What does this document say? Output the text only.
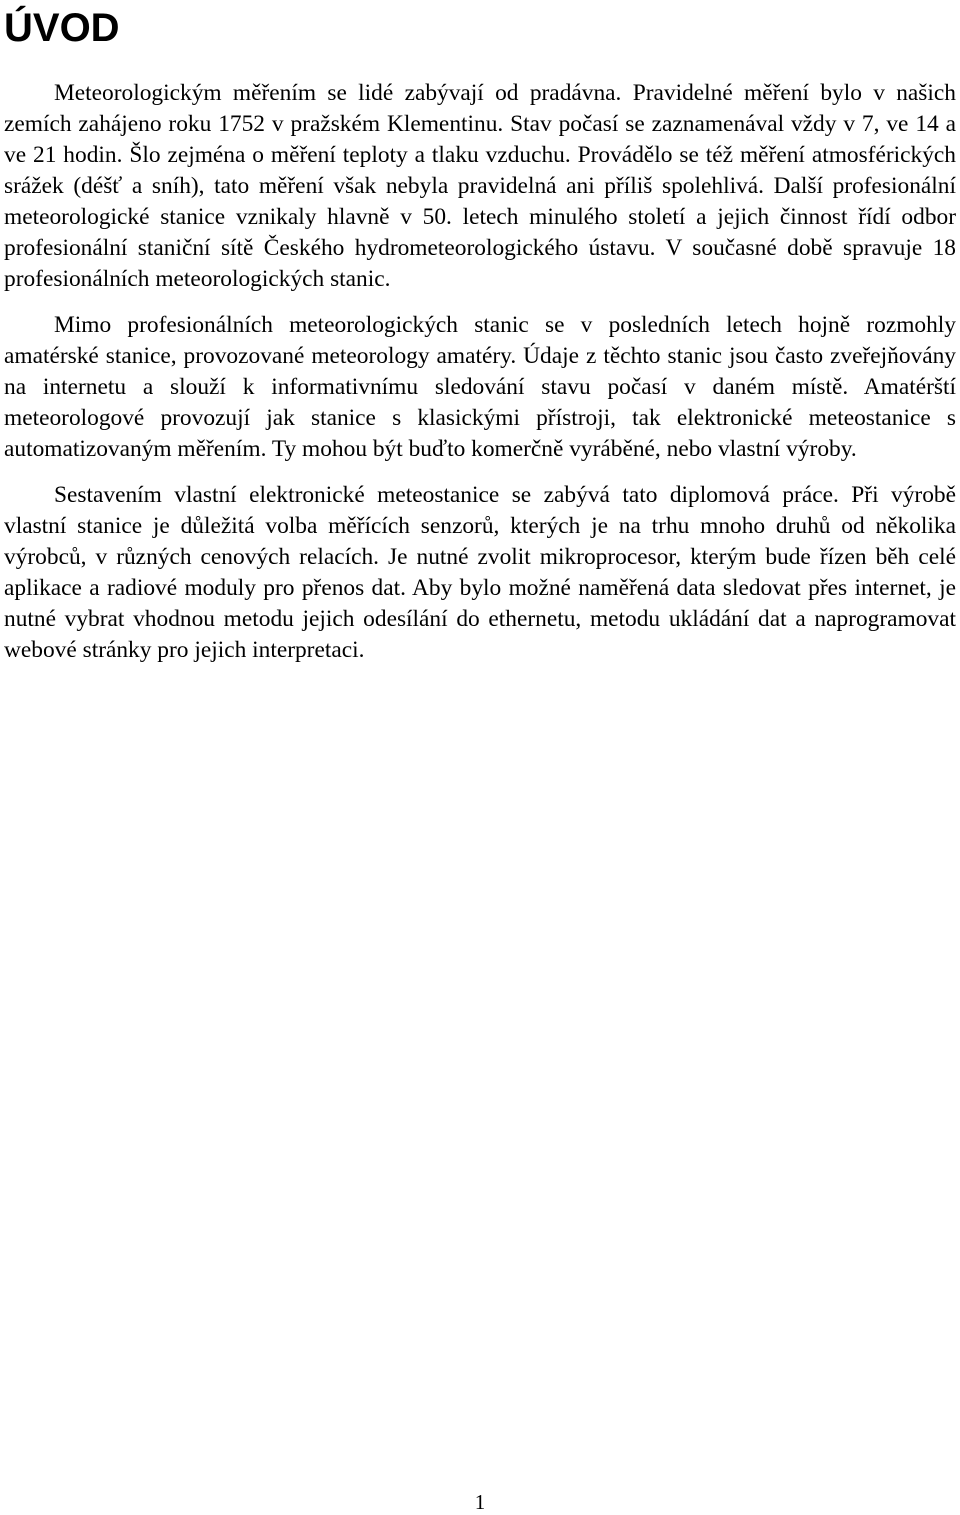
ÚVOD

Meteorologickým měřením se lidé zabývají od pradávna. Pravidelné měření bylo v našich zemích zahájeno roku 1752 v pražském Klementinu. Stav počasí se zaznamenával vždy v 7, ve 14 a ve 21 hodin. Šlo zejména o měření teploty a tlaku vzduchu. Provádělo se též měření atmosférických srážek (déšť a sníh), tato měření však nebyla pravidelná ani příliš spolehlivá. Další profesionální meteorologické stanice vznikaly hlavně v 50. letech minulého století a jejich činnost řídí odbor profesionální staniční sítě Českého hydrometeorologického ústavu. V současné době spravuje 18 profesionálních meteorologických stanic.

Mimo profesionálních meteorologických stanic se v posledních letech hojně rozmohly amatérské stanice, provozované meteorology amatéry. Údaje z těchto stanic jsou často zveřejňovány na internetu a slouží k informativnímu sledování stavu počasí v daném místě. Amatérští meteorologové provozují jak stanice s klasickými přístroji, tak elektronické meteostanice s automatizovaným měřením. Ty mohou být buďto komerčně vyráběné, nebo vlastní výroby.

Sestavením vlastní elektronické meteostanice se zabývá tato diplomová práce. Při výrobě vlastní stanice je důležitá volba měřících senzorů, kterých je na trhu mnoho druhů od několika výrobců, v různých cenových relacích. Je nutné zvolit mikroprocesor, kterým bude řízen běh celé aplikace a radiové moduly pro přenos dat. Aby bylo možné naměřená data sledovat přes internet, je nutné vybrat vhodnou metodu jejich odesílání do ethernetu, metodu ukládání dat a naprogramovat webové stránky pro jejich interpretaci.

1
